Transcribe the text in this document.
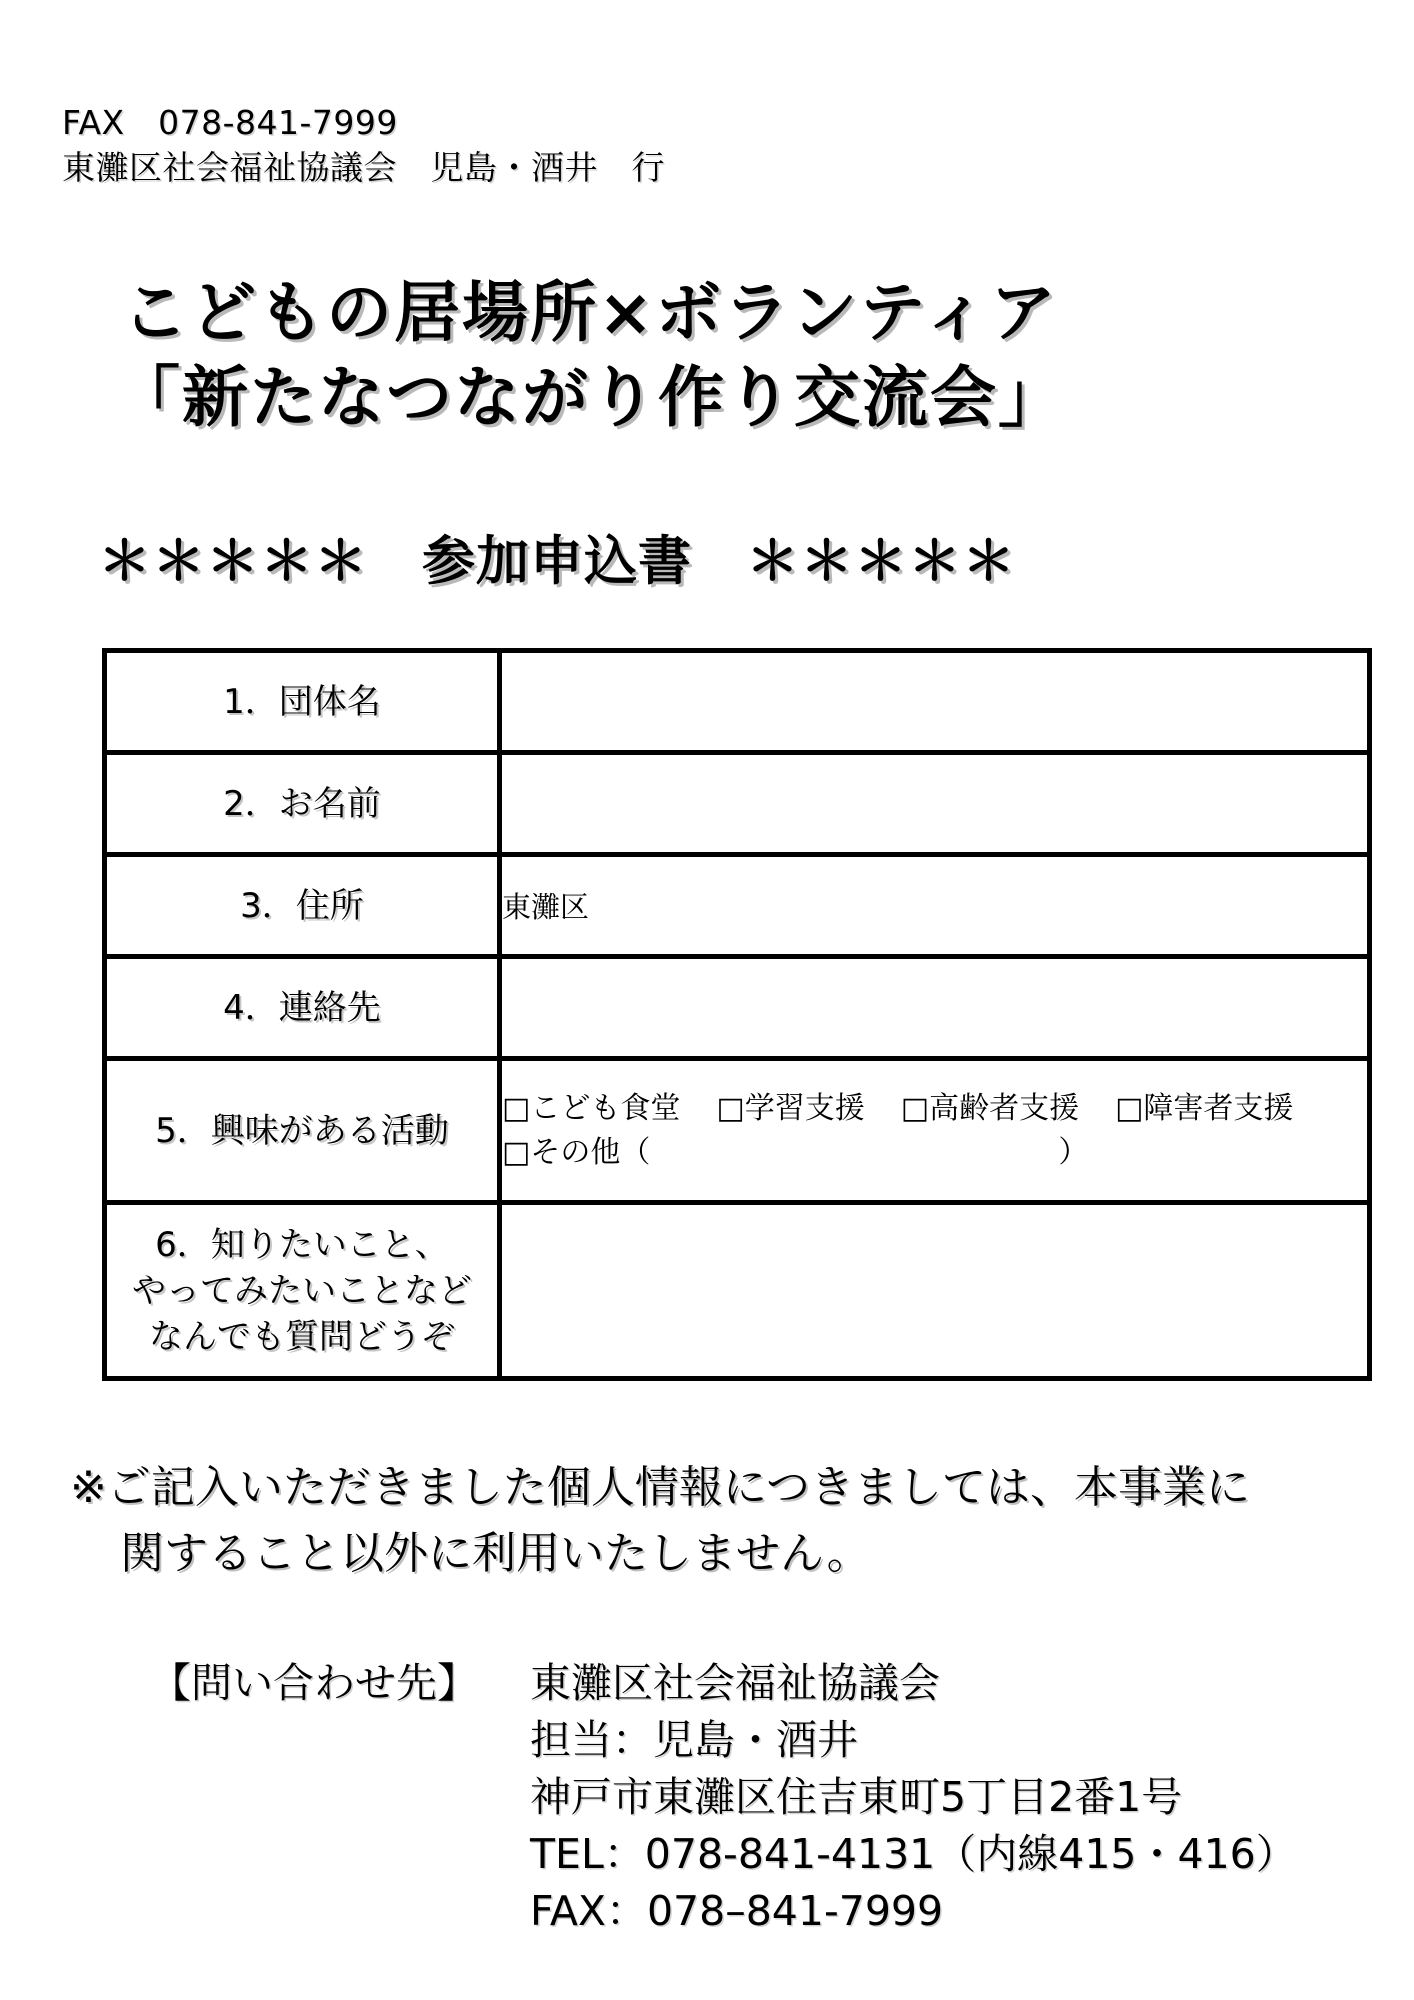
FAX　078-841-7999
東灘区社会福祉協議会　児島・酒井　行
こどもの居場所×ボランティア
「新たなつながり作り交流会」
＊＊＊＊＊　参加申込書　＊＊＊＊＊
1．団体名	
2．お名前	
3．住所	東灘区
4．連絡先	
5．興味がある活動	
□こども食堂 □学習支援 □高齢者支援 □障害者支援
□その他（	）

6．知りたいこと、
やってみたいことなど
なんでも質問どうぞ	

※ご記入いただきました個人情報につきましては、本事業に
関すること以外に利用いたしません。
【問い合わせ先】 東灘区社会福祉協議会
担当：児島・酒井
神戸市東灘区住吉東町5丁目2番1号
TEL：078-841-4131（内線415・416）
FAX：078–841-7999
